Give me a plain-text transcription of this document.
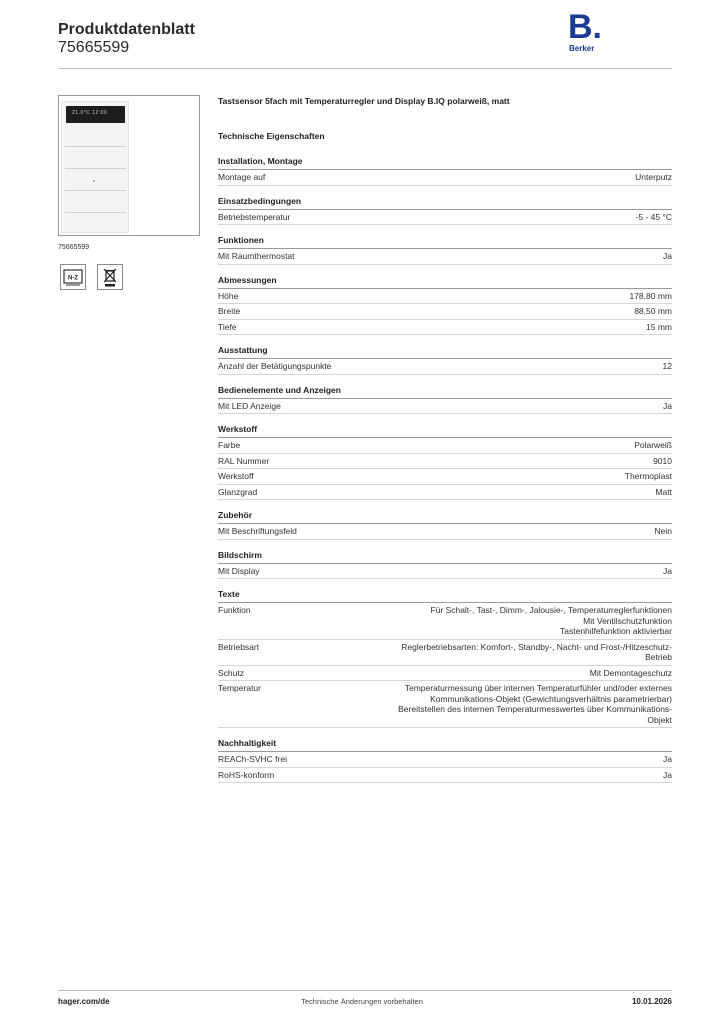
Produktdatenblatt
75665599
B.
Berker
21.0°C 12:00
75665599
N-Z
Tastsensor 5fach mit Temperaturregler und Display B.IQ polarweiß, matt
Technische Eigenschaften
Installation, Montage
Montage auf	Unterputz
Einsatzbedingungen
Betriebstemperatur	-5 - 45 °C
Funktionen
Mit Raumthermostat	Ja
Abmessungen
Höhe	178,80 mm
Breite	88,50 mm
Tiefe	15 mm
Ausstattung
Anzahl der Betätigungspunkte	12
Bedienelemente und Anzeigen
Mit LED Anzeige	Ja
Werkstoff
Farbe	Polarweiß
RAL Nummer	9010
Werkstoff	Thermoplast
Glanzgrad	Matt
Zubehör
Mit Beschriftungsfeld	Nein
Bildschirm
Mit Display	Ja
Texte
Funktion	Für Schalt-, Tast-, Dimm-, Jalousie-, Temperaturreglerfunktionen
Mit Ventilschutzfunktion
Tastenhilfefunktion aktivierbar
Betriebsart	Reglerbetriebsarten: Komfort-, Standby-, Nacht- und Frost-/Hitzeschutz-
Betrieb
Schutz	Mit Demontageschutz
Temperatur	Temperaturmessung über internen Temperaturfühler und/oder externes
Kommunikations-Objekt (Gewichtungsverhältnis parametrierbar)
Bereitstellen des internen Temperaturmesswertes über Kommunikations-
Objekt
Nachhaltigkeit
REACh-SVHC frei	Ja
RoHS-konform	Ja
hager.com/de	Technische Änderungen vorbehalten	10.01.2026
